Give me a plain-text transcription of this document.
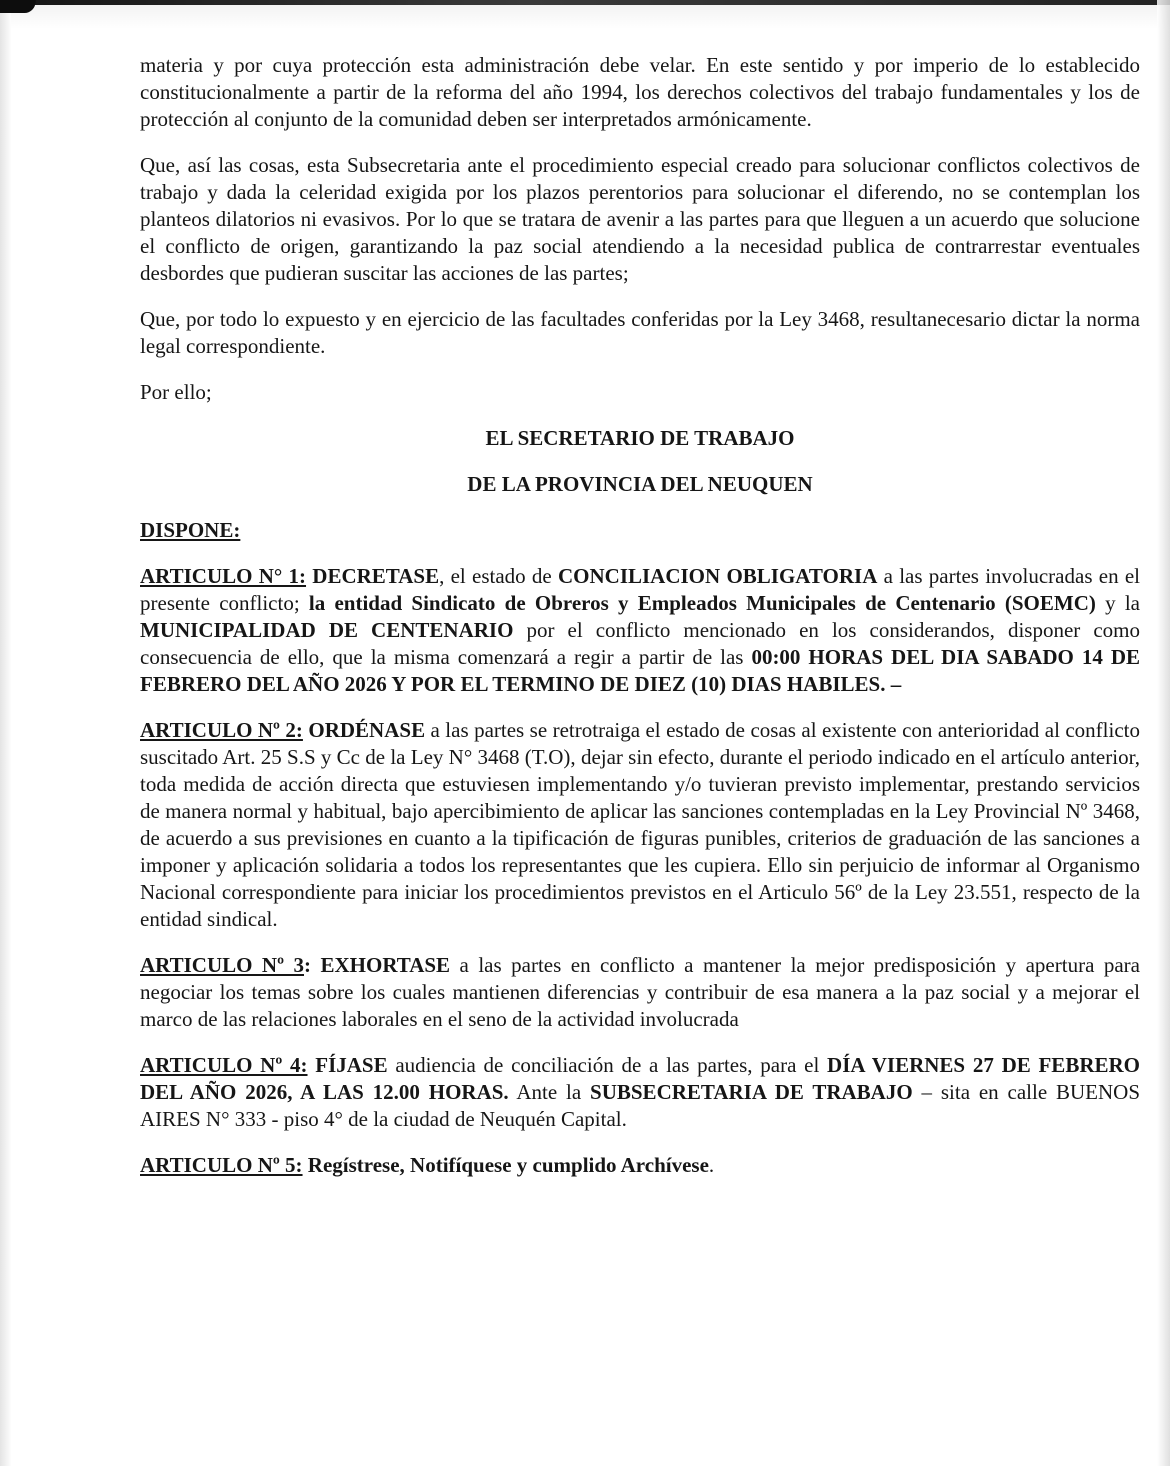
materia y por cuya protección esta administración debe velar. En este sentido y por imperio de lo establecido constitucionalmente a partir de la reforma del año 1994, los derechos colectivos del trabajo fundamentales y los de protección al conjunto de la comunidad deben ser interpretados armónicamente.

Que, así las cosas, esta Subsecretaria ante el procedimiento especial creado para solucionar conflictos colectivos de trabajo y dada la celeridad exigida por los plazos perentorios para solucionar el diferendo, no se contemplan los planteos dilatorios ni evasivos. Por lo que se tratara de avenir a las partes para que lleguen a un acuerdo que solucione el conflicto de origen, garantizando la paz social atendiendo a la necesidad publica de contrarrestar eventuales desbordes que pudieran suscitar las acciones de las partes;

Que, por todo lo expuesto y en ejercicio de las facultades conferidas por la Ley 3468, resultanecesario dictar la norma legal correspondiente.

Por ello;

EL SECRETARIO DE TRABAJO

DE LA PROVINCIA DEL NEUQUEN

DISPONE:

ARTICULO N° 1: DECRETASE, el estado de CONCILIACION OBLIGATORIA a las partes involucradas en el presente conflicto; la entidad Sindicato de Obreros y Empleados Municipales de Centenario (SOEMC) y la MUNICIPALIDAD DE CENTENARIO por el conflicto mencionado en los considerandos, disponer como consecuencia de ello, que la misma comenzará a regir a partir de las 00:00 HORAS DEL DIA SABADO 14 DE FEBRERO DEL AÑO 2026 Y POR EL TERMINO DE DIEZ (10) DIAS HABILES. –

ARTICULO Nº 2: ORDÉNASE a las partes se retrotraiga el estado de cosas al existente con anterioridad al conflicto suscitado Art. 25 S.S y Cc de la Ley N° 3468 (T.O), dejar sin efecto, durante el periodo indicado en el artículo anterior, toda medida de acción directa que estuviesen implementando y/o tuvieran previsto implementar, prestando servicios de manera normal y habitual, bajo apercibimiento de aplicar las sanciones contempladas en la Ley Provincial Nº 3468, de acuerdo a sus previsiones en cuanto a la tipificación de figuras punibles, criterios de graduación de las sanciones a imponer y aplicación solidaria a todos los representantes que les cupiera. Ello sin perjuicio de informar al Organismo Nacional correspondiente para iniciar los procedimientos previstos en el Articulo 56º de la Ley 23.551, respecto de la entidad sindical.

ARTICULO Nº 3: EXHORTASE a las partes en conflicto a mantener la mejor predisposición y apertura para negociar los temas sobre los cuales mantienen diferencias y contribuir de esa manera a la paz social y a mejorar el marco de las relaciones laborales en el seno de la actividad involucrada

ARTICULO Nº 4: FÍJASE audiencia de conciliación de a las partes, para el DÍA VIERNES 27 DE FEBRERO DEL AÑO 2026, A LAS 12.00 HORAS. Ante la SUBSECRETARIA DE TRABAJO – sita en calle BUENOS AIRES N° 333 - piso 4° de la ciudad de Neuquén Capital.

ARTICULO Nº 5: Regístrese, Notifíquese y cumplido Archívese.
